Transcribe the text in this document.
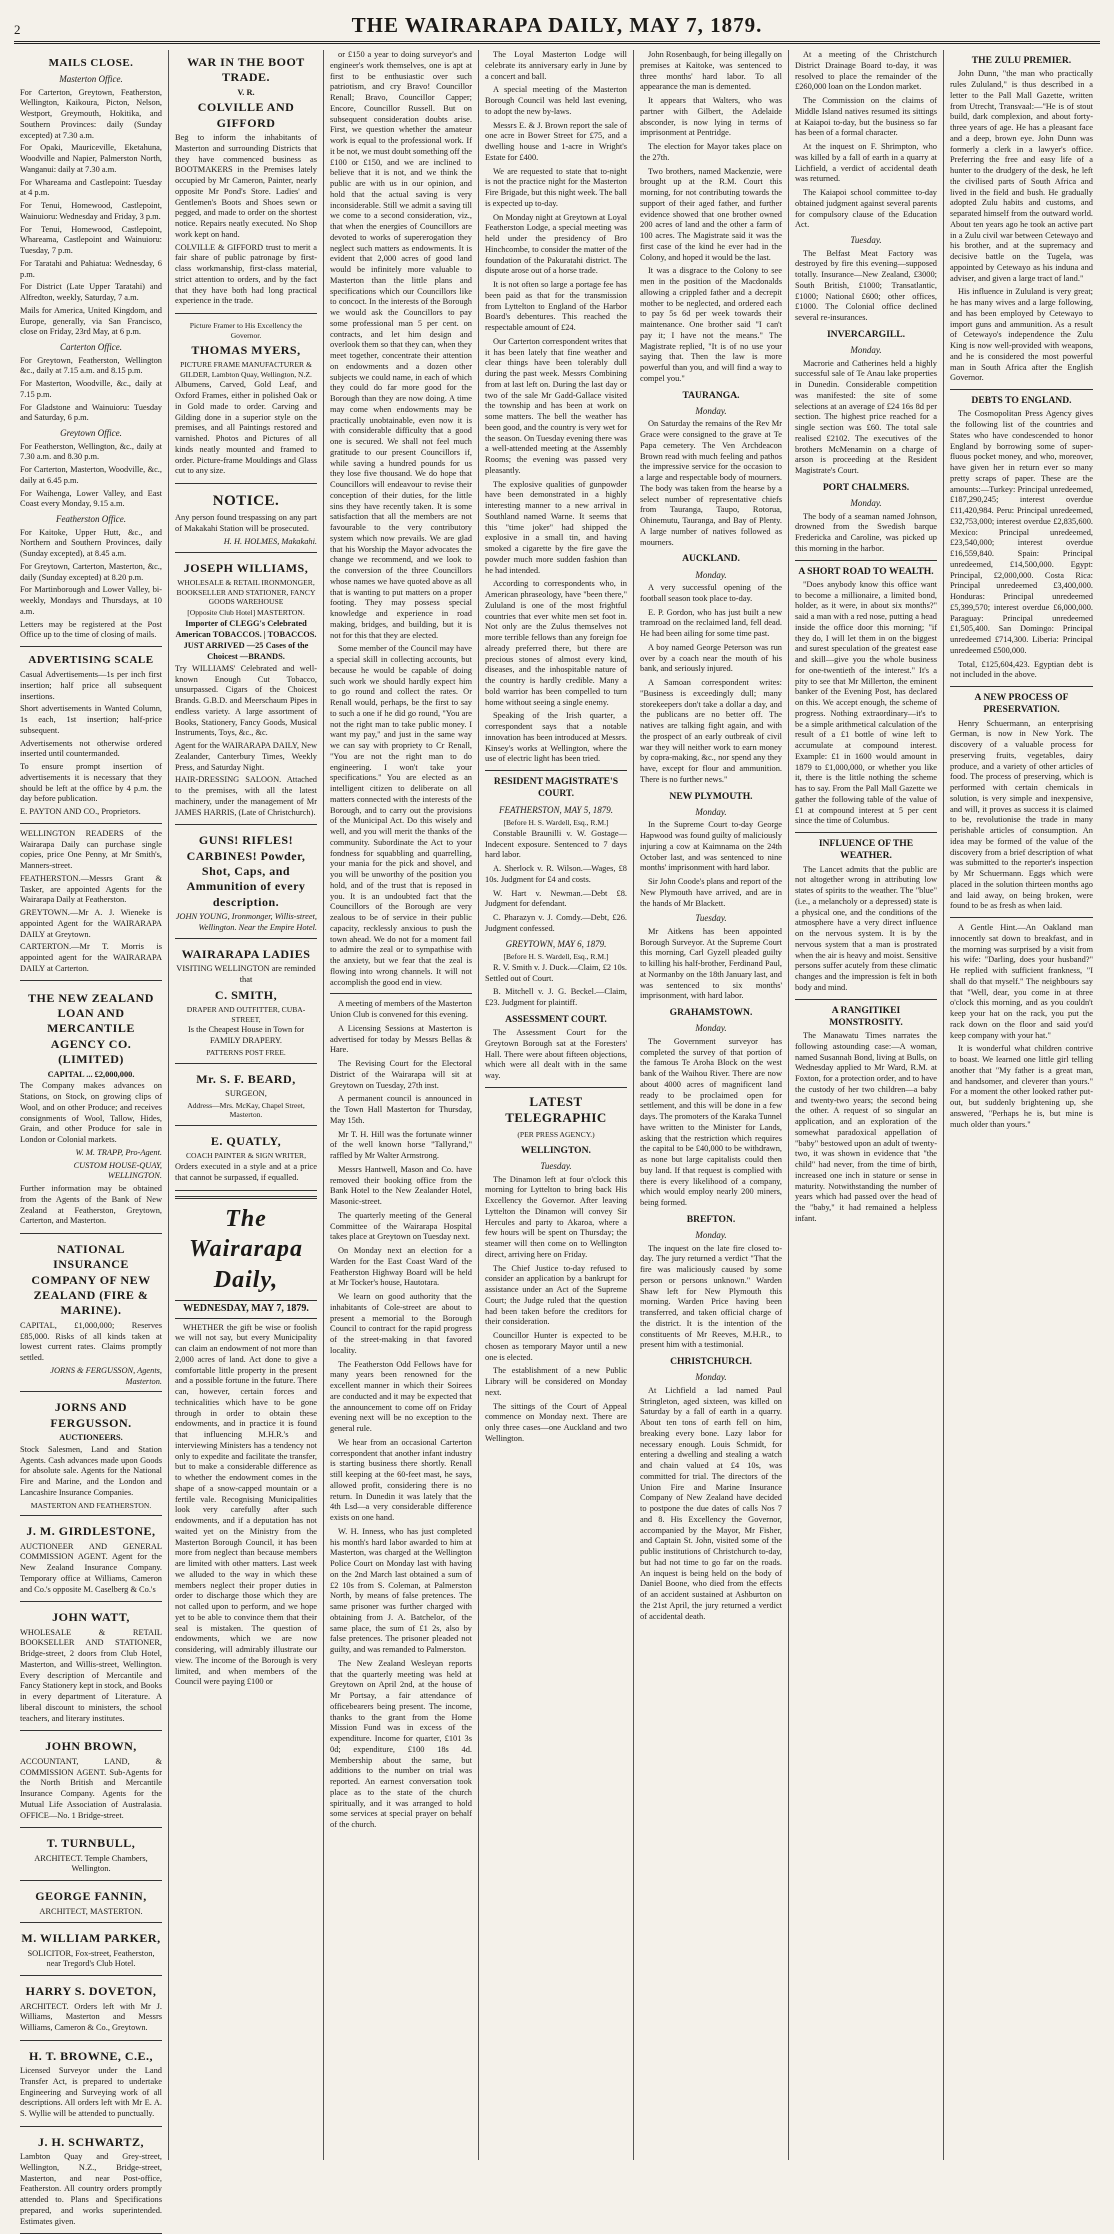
2	THE WAIRARAPA DAILY, MAY 7, 1879.
MAILS CLOSE.
Masterton Office.
For Carterton, Greytown, Featherston, Wellington, Kaikoura, Picton, Nelson, Westport, Greymouth, Hokitika, and Southern Provinces: daily (Sunday excepted) at 7.30 a.m.
For Opaki, Mauriceville, Eketahuna, Woodville and Napier, Palmerston North, Wanganui: daily at 7.30 a.m.
For Whareama and Castlepoint: Tuesday at 4 p.m.
For Tenui, Homewood, Castlepoint, Wainuioru: Wednesday and Friday, 3 p.m.
For Tenui, Homewood, Castlepoint, Whareama, Castlepoint and Wainuioru: Tuesday, 7 p.m.
For Taratahi and Pahiatua: Wednesday, 6 p.m.
For District (Late Upper Taratahi) and Alfredton, weekly, Saturday, 7 a.m.
Mails for America, United Kingdom, and Europe, generally, via San Francisco, close on Friday, 23rd May, at 6 p.m.
Carterton Office.
For Greytown, Featherston, Wellington &c., daily at 7.15 a.m. and 8.15 p.m.
For Masterton, Woodville, &c., daily at 7.15 p.m.
For Gladstone and Wainuioru: Tuesday and Saturday, 6 p.m.
Greytown Office.
For Featherston, Wellington, &c., daily at 7.30 a.m. and 8.30 p.m.
For Carterton, Masterton, Woodville, &c., daily at 6.45 p.m.
For Waihenga, Lower Valley, and East Coast every Monday, 9.15 a.m.
Featherston Office.
For Kaitoke, Upper Hutt, &c., and Northern and Southern Provinces, daily (Sunday excepted), at 8.45 a.m.
For Greytown, Carterton, Masterton, &c., daily (Sunday excepted) at 8.20 p.m.
For Martinborough and Lower Valley, bi-weekly, Mondays and Thursdays, at 10 a.m.
Letters may be registered at the Post Office up to the time of closing of mails.
ADVERTISING SCALE
Casual Advertisements—1s per inch first insertion; half price all subsequent insertions.
Short advertisements in Wanted Column, 1s each, 1st insertion; half-price subsequent.
Advertisements not otherwise ordered inserted until countermanded.
To ensure prompt insertion of advertisements it is necessary that they should be left at the office by 4 p.m. the day before publication.
E. PAYTON AND CO., Proprietors.
WELLINGTON READERS of the Wairarapa Daily can purchase single copies, price One Penny, at Mr Smith's, Manners-street.
FEATHERSTON.—Messrs Grant & Tasker, are appointed Agents for the Wairarapa Daily at Featherston.
GREYTOWN.—Mr A. J. Wieneke is appointed Agent for the WAIRARAPA DAILY at Greytown.
CARTERTON.—Mr T. Morris is appointed agent for the WAIRARAPA DAILY at Carterton.
THE NEW ZEALAND LOAN AND MERCANTILE AGENCY CO. (LIMITED)
CAPITAL ... £2,000,000.
The Company makes advances on Stations, on Stock, on growing clips of Wool, and on other Produce; and receives consignments of Wool, Tallow, Hides, Grain, and other Produce for sale in London or Colonial markets.
W. M. TRAPP, Pro-Agent.
CUSTOM HOUSE-QUAY, WELLINGTON.
Further information may be obtained from the Agents of the Bank of New Zealand at Featherston, Greytown, Carterton, and Masterton.
NATIONAL INSURANCE COMPANY OF NEW ZEALAND (FIRE & MARINE).
CAPITAL, £1,000,000; Reserves £85,000. Risks of all kinds taken at lowest current rates. Claims promptly settled.
JORNS & FERGUSSON, Agents, Masterton.
JORNS AND FERGUSSON.
AUCTIONEERS.
Stock Salesmen, Land and Station Agents. Cash advances made upon Goods for absolute sale. Agents for the National Fire and Marine, and the London and Lancashire Insurance Companies.
MASTERTON AND FEATHERSTON.
J. M. GIRDLESTONE,
AUCTIONEER AND GENERAL COMMISSION AGENT. Agent for the New Zealand Insurance Company. Temporary office at Williams, Cameron and Co.'s opposite M. Caselberg & Co.'s
JOHN WATT,
WHOLESALE & RETAIL BOOKSELLER AND STATIONER, Bridge-street, 2 doors from Club Hotel, Masterton, and Willis-street, Wellington. Every description of Mercantile and Fancy Stationery kept in stock, and Books in every department of Literature. A liberal discount to ministers, the school teachers, and literary institutes.
JOHN BROWN,
ACCOUNTANT, LAND, & COMMISSION AGENT. Sub-Agents for the North British and Mercantile Insurance Company. Agents for the Mutual Life Association of Australasia. OFFICE—No. 1 Bridge-street.
T. TURNBULL,
ARCHITECT. Temple Chambers, Wellington.
GEORGE FANNIN,
ARCHITECT, MASTERTON.
M. WILLIAM PARKER,
SOLICITOR, Fox-street, Featherston, near Tregord's Club Hotel.
HARRY S. DOVETON,
ARCHITECT. Orders left with Mr J. Williams, Masterton and Messrs Williams, Cameron & Co., Greytown.
H. T. BROWNE, C.E.,
Licensed Surveyor under the Land Transfer Act, is prepared to undertake Engineering and Surveying work of all descriptions. All orders left with Mr E. A. S. Wyllie will be attended to punctually.
J. H. SCHWARTZ,
Lambton Quay and Grey-street, Wellington, N.Z., Bridge-street, Masterton, and near Post-office, Featherston. All country orders promptly attended to. Plans and Specifications prepared, and works superintended. Estimates given.
WAR IN THE BOOT TRADE.
V. R.
COLVILLE AND GIFFORD
Beg to inform the inhabitants of Masterton and surrounding Districts that they have commenced business as BOOTMAKERS in the Premises lately occupied by Mr Cameron, Painter, nearly opposite Mr Pond's Store. Ladies' and Gentlemen's Boots and Shoes sewn or pegged, and made to order on the shortest notice. Repairs neatly executed. No Shop work kept on hand.
COLVILLE & GIFFORD trust to merit a fair share of public patronage by first-class workmanship, first-class material, strict attention to orders, and by the fact that they have both had long practical experience in the trade.
Picture Framer to His Excellency the Governor.
THOMAS MYERS,
PICTURE FRAME MANUFACTURER & GILDER, Lambton Quay, Wellington, N.Z.
Albumens, Carved, Gold Leaf, and Oxford Frames, either in polished Oak or in Gold made to order. Carving and Gilding done in a superior style on the premises, and all Paintings restored and varnished. Photos and Pictures of all kinds neatly mounted and framed to order. Picture-frame Mouldings and Glass cut to any size.
NOTICE.
Any person found trespassing on any part of Makakahi Station will be prosecuted.
H. H. HOLMES, Makakahi.
JOSEPH WILLIAMS,
WHOLESALE & RETAIL IRONMONGER, BOOKSELLER AND STATIONER, FANCY GOODS WAREHOUSE
[Opposite Club Hotel] MASTERTON.
Importer of CLEGG's Celebrated American TOBACCOS. | TOBACCOS.
JUST ARRIVED —25 Cases of the Choicest —BRANDS.
Try WILLIAMS' Celebrated and well-known Enough Cut Tobacco, unsurpassed. Cigars of the Choicest Brands. G.B.D. and Meerschaum Pipes in endless variety. A large assortment of Books, Stationery, Fancy Goods, Musical Instruments, Toys, &c., &c.
Agent for the WAIRARAPA DAILY, New Zealander, Canterbury Times, Weekly Press, and Saturday Night.
HAIR-DRESSING SALOON. Attached to the premises, with all the latest machinery, under the management of Mr JAMES HARRIS, (Late of Christchurch).
GUNS! RIFLES! CARBINES! Powder, Shot, Caps, and Ammunition of every description.
JOHN YOUNG, Ironmonger, Willis-street, Wellington. Near the Empire Hotel.
WAIRARAPA LADIES
VISITING WELLINGTON are reminded that
C. SMITH,
DRAPER AND OUTFITTER, CUBA-STREET,
Is the Cheapest House in Town for FAMILY DRAPERY.
PATTERNS POST FREE.
Mr. S. F. BEARD,
SURGEON,
Address—Mrs. McKay, Chapel Street, Masterton.
E. QUATLY,
COACH PAINTER & SIGN WRITER,
Orders executed in a style and at a price that cannot be surpassed, if equalled.
The Wairarapa Daily,
WEDNESDAY, MAY 7, 1879.

WHETHER the gift be wise or foolish we will not say, but every Municipality can claim an endowment of not more than 2,000 acres of land. Act done to give a comfortable little property in the present and a possible fortune in the future. There can, however, certain forces and technicalities which have to be gone through in order to obtain these endowments, and in practice it is found that influencing M.H.R.'s and interviewing Ministers has a tendency not only to expedite and facilitate the transfer, but to make a considerable difference as to whether the endowment comes in the shape of a snow-capped mountain or a fertile vale. Recognising Municipalities look very carefully after such endowments, and if a deputation has not waited yet on the Ministry from the Masterton Borough Council, it has been more from neglect than because members are limited with other matters. Last week we alluded to the way in which these members neglect their proper duties in order to discharge those which they are not called upon to perform, and we hope yet to be able to convince them that their seal is mistaken. The question of endowments, which we are now considering, will admirably illustrate our view. The income of the Borough is very limited, and when members of the Council were paying £100 or

or £150 a year to doing surveyor's and engineer's work themselves, one is apt at first to be enthusiastic over such patriotism, and cry Bravo! Councillor Renall; Bravo, Councillor Capper; Encore, Councillor Russell. But on subsequent consideration doubts arise. First, we question whether the amateur work is equal to the professional work. If it be not, we must doubt something off the £100 or £150, and we are inclined to believe that it is not, and we think the public are with us in our opinion, and hold that the actual saving is very inconsiderable. Still we admit a saving till we come to a second consideration, viz., that when the energies of Councillors are devoted to works of supererogation they neglect such matters as endowments. It is evident that 2,000 acres of good land would be infinitely more valuable to Masterton than the little plans and specifications which our Councillors like to concoct. In the interests of the Borough we would ask the Councillors to pay some professional man 5 per cent. on contracts, and let him design and overlook them so that they can, when they meet together, concentrate their attention on endowments and a dozen other subjects we could name, in each of which they could do far more good for the Borough than they are now doing. A time may come when endowments may be practically unobtainable, even now it is with considerable difficulty that a good one is secured. We shall not feel much gratitude to our present Councillors if, while saving a hundred pounds for us they lose five thousand. We do hope that Councillors will endeavour to revise their conception of their duties, for the little sins they have recently taken. It is some satisfaction that all the members are not favourable to the very contributory system which now prevails. We are glad that his Worship the Mayor advocates the change we recommend, and we look to the conversion of the three Councillors whose names we have quoted above as all that is wanting to put matters on a proper footing. They may possess special knowledge and experience in road making, bridges, and building, but it is not for this that they are elected.

Some member of the Council may have a special skill in collecting accounts, but because he would be capable of doing such work we should hardly expect him to go round and collect the rates. Or Renall would, perhaps, be the first to say to such a one if he did go round, "You are not the right man to take public money. I want my pay," and just in the same way we can say with propriety to Cr Renall, "You are not the right man to do engineering. I won't take your specifications." You are elected as an intelligent citizen to deliberate on all matters connected with the interests of the Borough, and to carry out the provisions of the Municipal Act. Do this wisely and well, and you will merit the thanks of the community. Subordinate the Act to your fondness for squabbling and quarrelling, your mania for the pick and shovel, and you will be unworthy of the position you hold, and of the trust that is reposed in you. It is an undoubted fact that the Councillors of the Borough are very zealous to be of service in their public capacity, recklessly anxious to push the town ahead. We do not for a moment fail to admire the zeal or to sympathise with the anxiety, but we fear that the zeal is flowing into wrong channels. It will not accomplish the good end in view.

A meeting of members of the Masterton Union Club is convened for this evening.

A Licensing Sessions at Masterton is advertised for today by Messrs Bellas & Hare.

The Revising Court for the Electoral District of the Wairarapa will sit at Greytown on Tuesday, 27th inst.

A permanent council is announced in the Town Hall Masterton for Thursday, May 15th.

Mr T. H. Hill was the fortunate winner of the well known horse "Tallyrand," raffled by Mr Walter Armstrong.

Messrs Hantwell, Mason and Co. have removed their booking office from the Bank Hotel to the New Zealander Hotel, Masonic-street.

The quarterly meeting of the General Committee of the Wairarapa Hospital takes place at Greytown on Tuesday next.

On Monday next an election for a Warden for the East Coast Ward of the Featherston Highway Board will be held at Mr Tocker's house, Hautotara.

We learn on good authority that the inhabitants of Cole-street are about to present a memorial to the Borough Council to contract for the rapid progress of the street-making in that favored locality.

The Featherston Odd Fellows have for many years been renowned for the excellent manner in which their Soirees are conducted and it may be expected that the announcement to come off on Friday evening next will be no exception to the general rule.

We hear from an occasional Carterton correspondent that another infant industry is starting business there shortly. Renall still keeping at the 60-feet mast, he says, allowed profit, considering there is no return. In Dunedin it was lately that the 4th Lsd—a very considerable difference exists on one hand.

W. H. Inness, who has just completed his month's hard labor awarded to him at Masterton, was charged at the Wellington Police Court on Monday last with having on the 2nd March last obtained a sum of £2 10s from S. Coleman, at Palmerston North, by means of false pretences. The same prisoner was further charged with obtaining from J. A. Batchelor, of the same place, the sum of £1 2s, also by false pretences. The prisoner pleaded not guilty, and was remanded to Palmerston.

The New Zealand Wesleyan reports that the quarterly meeting was held at Greytown on April 2nd, at the house of Mr Portsay, a fair attendance of officebearers being present. The income, thanks to the grant from the Home Mission Fund was in excess of the expenditure. Income for quarter, £101 3s 0d; expenditure, £100 18s 4d. Membership about the same, but additions to the number on trial was reported. An earnest conversation took place as to the state of the church spiritually, and it was arranged to hold some services at special prayer on behalf of the church.

The Loyal Masterton Lodge will celebrate its anniversary early in June by a concert and ball.

A special meeting of the Masterton Borough Council was held last evening, to adopt the new by-laws.

Messrs E. & J. Brown report the sale of one acre in Bower Street for £75, and a dwelling house and 1-acre in Wright's Estate for £400.

We are requested to state that to-night is not the practice night for the Masterton Fire Brigade, but this night week. The ball is expected up to-day.

On Monday night at Greytown at Loyal Featherston Lodge, a special meeting was held under the presidency of Bro Hinchcombe, to consider the matter of the foundation of the Pakuratahi district. The dispute arose out of a horse trade.

It is not often so large a portage fee has been paid as that for the transmission from Lyttelton to England of the Harbor Board's debentures. This reached the respectable amount of £24.

Our Carterton correspondent writes that it has been lately that fine weather and clear things have been tolerably dull during the past week. Messrs Combining from at last left on. During the last day or two of the sale Mr Gadd-Gallace visited the township and has been at work on some matters. The bell the weather has been good, and the country is very wet for the season. On Tuesday evening there was a well-attended meeting at the Assembly Rooms; the evening was passed very pleasantly.

The explosive qualities of gunpowder have been demonstrated in a highly interesting manner to a new arrival in Southland named Warne. It seems that this "time joker" had shipped the explosive in a small tin, and having smoked a cigarette by the fire gave the powder much more sudden fashion than he had intended.

According to correspondents who, in American phraseology, have "been there," Zululand is one of the most frightful countries that ever white men set foot in. Not only are the Zulus themselves not more terrible fellows than any foreign foe already preferred there, but there are precious stones of almost every kind, diseases, and the inhospitable nature of the country is hardly credible. Many a bold warrior has been compelled to turn home without seeing a single enemy.

Speaking of the Irish quarter, a correspondent says that a notable innovation has been introduced at Messrs. Kinsey's works at Wellington, where the use of electric light has been tried.

RESIDENT MAGISTRATE'S COURT.
FEATHERSTON, MAY 5, 1879.
[Before H. S. Wardell, Esq., R.M.]

Constable Braunilli v. W. Gostage—Indecent exposure. Sentenced to 7 days hard labor.

A. Sherlock v. R. Wilson.—Wages, £8 10s. Judgment for £4 and costs.

W. Hart v. Newman.—Debt £8. Judgment for defendant.

C. Pharazyn v. J. Comdy.—Debt, £26. Judgment confessed.

GREYTOWN, MAY 6, 1879.
[Before H. S. Wardell, Esq., R.M.]

R. V. Smith v. J. Duck.—Claim, £2 10s. Settled out of Court.

B. Mitchell v. J. G. Beckel.—Claim, £23. Judgment for plaintiff.

ASSESSMENT COURT.

The Assessment Court for the Greytown Borough sat at the Foresters' Hall. There were about fifteen objections, which were all dealt with in the same way.

LATEST TELEGRAPHIC
(PER PRESS AGENCY.)
WELLINGTON.
Tuesday.

The Dinamon left at four o'clock this morning for Lyttelton to bring back His Excellency the Governor. After leaving Lyttelton the Dinamon will convey Sir Hercules and party to Akaroa, where a few hours will be spent on Thursday; the steamer will then come on to Wellington direct, arriving here on Friday.

The Chief Justice to-day refused to consider an application by a bankrupt for assistance under an Act of the Supreme Court; the Judge ruled that the question had been taken before the creditors for their consideration.

Councillor Hunter is expected to be chosen as temporary Mayor until a new one is elected.

The establishment of a new Public Library will be considered on Monday next.

The sittings of the Court of Appeal commence on Monday next. There are only three cases—one Auckland and two Wellington.

John Rosenbaugh, for being illegally on premises at Kaitoke, was sentenced to three months' hard labor. To all appearance the man is demented.

It appears that Walters, who was partner with Gilbert, the Adelaide absconder, is now lying in terms of imprisonment at Pentridge.

The election for Mayor takes place on the 27th.

Two brothers, named Mackenzie, were brought up at the R.M. Court this morning, for not contributing towards the support of their aged father, and further evidence showed that one brother owned 200 acres of land and the other a farm of 100 acres. The Magistrate said it was the first case of the kind he ever had in the Colony, and hoped it would be the last.

It was a disgrace to the Colony to see men in the position of the Macdonalds allowing a crippled father and a decrepit mother to be neglected, and ordered each to pay 5s 6d per week towards their maintenance. One brother said "I can't pay it; I have not the means." The Magistrate replied, "It is of no use your saying that. Then the law is more powerful than you, and will find a way to compel you."

TAURANGA.
Monday.

On Saturday the remains of the Rev Mr Grace were consigned to the grave at Te Papa cemetery. The Ven Archdeacon Brown read with much feeling and pathos the impressive service for the occasion to a large and respectable body of mourners. The body was taken from the hearse by a select number of representative chiefs from Tauranga, Taupo, Rotorua, Ohinemutu, Tauranga, and Bay of Plenty. A large number of natives followed as mourners.

AUCKLAND.
Monday.

A very successful opening of the football season took place to-day.

E. P. Gordon, who has just built a new tramroad on the reclaimed land, fell dead. He had been ailing for some time past.

A boy named George Peterson was run over by a coach near the mouth of his bank, and seriously injured.

A Samoan correspondent writes: "Business is exceedingly dull; many storekeepers don't take a dollar a day, and the publicans are no better off. The natives are talking fight again, and with the prospect of an early outbreak of civil war they will neither work to earn money by copra-making, &c., nor spend any they have, except for flour and ammunition. There is no further news."

NEW PLYMOUTH.
Monday.

In the Supreme Court to-day George Hapwood was found guilty of maliciously injuring a cow at Kaimnama on the 24th October last, and was sentenced to nine months' imprisonment with hard labor.

Sir John Coode's plans and report of the New Plymouth have arrived, and are in the hands of Mr Blackett.

Tuesday.

Mr Aitkens has been appointed Borough Surveyor. At the Supreme Court this morning, Carl Gyzell pleaded guilty to killing his half-brother, Ferdinand Paul, at Normanby on the 18th January last, and was sentenced to six months' imprisonment, with hard labor.

GRAHAMSTOWN.
Monday.

The Government surveyor has completed the survey of that portion of the famous Te Aroha Block on the west bank of the Waihou River. There are now about 4000 acres of magnificent land ready to be proclaimed open for settlement, and this will be done in a few days. The promoters of the Karaka Tunnel have written to the Minister for Lands, asking that the restriction which requires the capital to be £40,000 to be withdrawn, as none but large capitalists could then buy land. If that request is complied with there is every likelihood of a company, which would employ nearly 200 miners, being formed.

BREFTON.
Monday.

The inquest on the late fire closed to-day. The jury returned a verdict "That the fire was maliciously caused by some person or persons unknown." Warden Shaw left for New Plymouth this morning. Warden Price having been transferred, and taken official charge of the district. It is the intention of the constituents of Mr Reeves, M.H.R., to present him with a testimonial.

CHRISTCHURCH.
Monday.

At Lichfield a lad named Paul Stringleton, aged sixteen, was killed on Saturday by a fall of earth in a quarry. About ten tons of earth fell on him, breaking every bone. Lazy labor for necessary enough. Louis Schmidt, for entering a dwelling and stealing a watch and chain valued at £4 10s, was committed for trial. The directors of the Union Fire and Marine Insurance Company of New Zealand have decided to postpone the due dates of calls Nos 7 and 8. His Excellency the Governor, accompanied by the Mayor, Mr Fisher, and Captain St. John, visited some of the public institutions of Christchurch to-day, but had not time to go far on the roads. An inquest is being held on the body of Daniel Boone, who died from the effects of an accident sustained at Ashburton on the 21st April, the jury returned a verdict of accidental death.

At a meeting of the Christchurch District Drainage Board to-day, it was resolved to place the remainder of the £260,000 loan on the London market.

The Commission on the claims of Middle Island natives resumed its sittings at Kaiapoi to-day, but the business so far has been of a formal character.

At the inquest on F. Shrimpton, who was killed by a fall of earth in a quarry at Lichfield, a verdict of accidental death was returned.

The Kaiapoi school committee to-day obtained judgment against several parents for compulsory clause of the Education Act.

Tuesday.

The Belfast Meat Factory was destroyed by fire this evening—supposed totally. Insurance—New Zealand, £3000; South British, £1000; Transatlantic, £1000; National £600; other offices, £1000. The Colonial office declined several re-insurances.

INVERCARGILL.
Monday.

Macrorie and Catherines held a highly successful sale of Te Anau lake properties in Dunedin. Considerable competition was manifested: the site of some selections at an average of £24 16s 8d per section. The highest price reached for a single section was £60. The total sale realised £2102. The executives of the brothers McMenamin on a charge of arson is proceeding at the Resident Magistrate's Court.

PORT CHALMERS.
Monday.

The body of a seaman named Johnson, drowned from the Swedish barque Fredericka and Caroline, was picked up this morning in the harbor.

A SHORT ROAD TO WEALTH.

"Does anybody know this office want to become a millionaire, a limited bond, holder, as it were, in about six months?" said a man with a red nose, putting a head inside the office door this morning; "if they do, I will let them in on the biggest and surest speculation of the greatest ease and skill—give you the whole business for one-twentieth of the interest." It's a pity to see that Mr Millerton, the eminent banker of the Evening Post, has declared on this. We accept enough, the scheme of progress. Nothing extraordinary—it's to be a simple arithmetical calculation of the result of a £1 bottle of wine left to accumulate at compound interest. Example: £1 in 1600 would amount in 1879 to £1,000,000, or whether you like it, there is the little nothing the scheme has to say. From the Pall Mall Gazette we gather the following table of the value of £1 at compound interest at 5 per cent since the time of Columbus.

INFLUENCE OF THE WEATHER.

The Lancet admits that the public are not altogether wrong in attributing low states of spirits to the weather. The "blue" (i.e., a melancholy or a depressed) state is a physical one, and the conditions of the atmosphere have a very direct influence on the nervous system. It is by the nervous system that a man is prostrated when the air is heavy and moist. Sensitive persons suffer acutely from these climatic changes and the impression is felt in both body and mind.

A RANGITIKEI MONSTROSITY.

The Manawatu Times narrates the following astounding case:—A woman, named Susannah Bond, living at Bulls, on Wednesday applied to Mr Ward, R.M. at Foxton, for a protection order, and to have the custody of her two children—a baby and twenty-two years; the second being the other. A request of so singular an application, and an exploration of the somewhat paradoxical appellation of "baby" bestowed upon an adult of twenty-two, it was shown in evidence that "the child" had never, from the time of birth, increased one inch in stature or sense in maturity. Notwithstanding the number of years which had passed over the head of the "baby," it had remained a helpless infant.

THE ZULU PREMIER.

John Dunn, "the man who practically rules Zululand," is thus described in a letter to the Pall Mall Gazette, written from Utrecht, Transvaal:—"He is of stout build, dark complexion, and about forty-three years of age. He has a pleasant face and a deep, brown eye. John Dunn was formerly a clerk in a lawyer's office. Preferring the free and easy life of a hunter to the drudgery of the desk, he left the civilised parts of South Africa and lived in the field and bush. He gradually adopted Zulu habits and customs, and separated himself from the outward world. About ten years ago he took an active part in a Zulu civil war between Cetewayo and his brother, and at the supremacy and decisive battle on the Tugela, was appointed by Cetewayo as his induna and adviser, and given a large tract of land."

His influence in Zululand is very great; he has many wives and a large following, and has been employed by Cetewayo to import guns and ammunition. As a result of Cetewayo's independence the Zulu King is now well-provided with weapons, and he is considered the most powerful man in South Africa after the English Governor.

DEBTS TO ENGLAND.

The Cosmopolitan Press Agency gives the following list of the countries and States who have condescended to honor England by borrowing some of super-fluous pocket money, and who, moreover, have given her in return ever so many pretty scraps of paper. These are the amounts:—Turkey: Principal unredeemed, £187,290,245; interest overdue £11,420,984. Peru: Principal unredeemed, £32,753,000; interest overdue £2,835,600. Mexico: Principal unredeemed, £23,540,000; interest overdue £16,559,840. Spain: Principal unredeemed, £14,500,000. Egypt: Principal, £2,000,000. Costa Rica: Principal unredeemed £3,400,000. Honduras: Principal unredeemed £5,399,570; interest overdue £6,000,000. Paraguay: Principal unredeemed £1,505,400. San Domingo: Principal unredeemed £714,300. Liberia: Principal unredeemed £500,000.

Total, £125,604,423. Egyptian debt is not included in the above.

A NEW PROCESS OF PRESERVATION.

Henry Schuermann, an enterprising German, is now in New York. The discovery of a valuable process for preserving fruits, vegetables, dairy produce, and a variety of other articles of food. The process of preserving, which is performed with certain chemicals in solution, is very simple and inexpensive, and will, it proves as success it is claimed to be, revolutionise the trade in many perishable articles of consumption. An idea may be formed of the value of the discovery from a brief description of what was submitted to the reporter's inspection by Mr Schuermann. Eggs which were placed in the solution thirteen months ago and laid away, on being broken, were found to be as fresh as when laid.

A Gentle Hint.—An Oakland man innocently sat down to breakfast, and in the morning was surprised by a visit from his wife: "Darling, does your husband?" He replied with sufficient frankness, "I shall do that myself." The neighbours say that "Well, dear, you come in at three o'clock this morning, and as you couldn't keep your hat on the rack, you put the rack down on the floor and said you'd keep company with your hat."

It is wonderful what children contrive to boast. We learned one little girl telling another that "My father is a great man, and handsomer, and cleverer than yours." For a moment the other looked rather put-out, but suddenly brightening up, she answered, "Perhaps he is, but mine is much older than yours."
